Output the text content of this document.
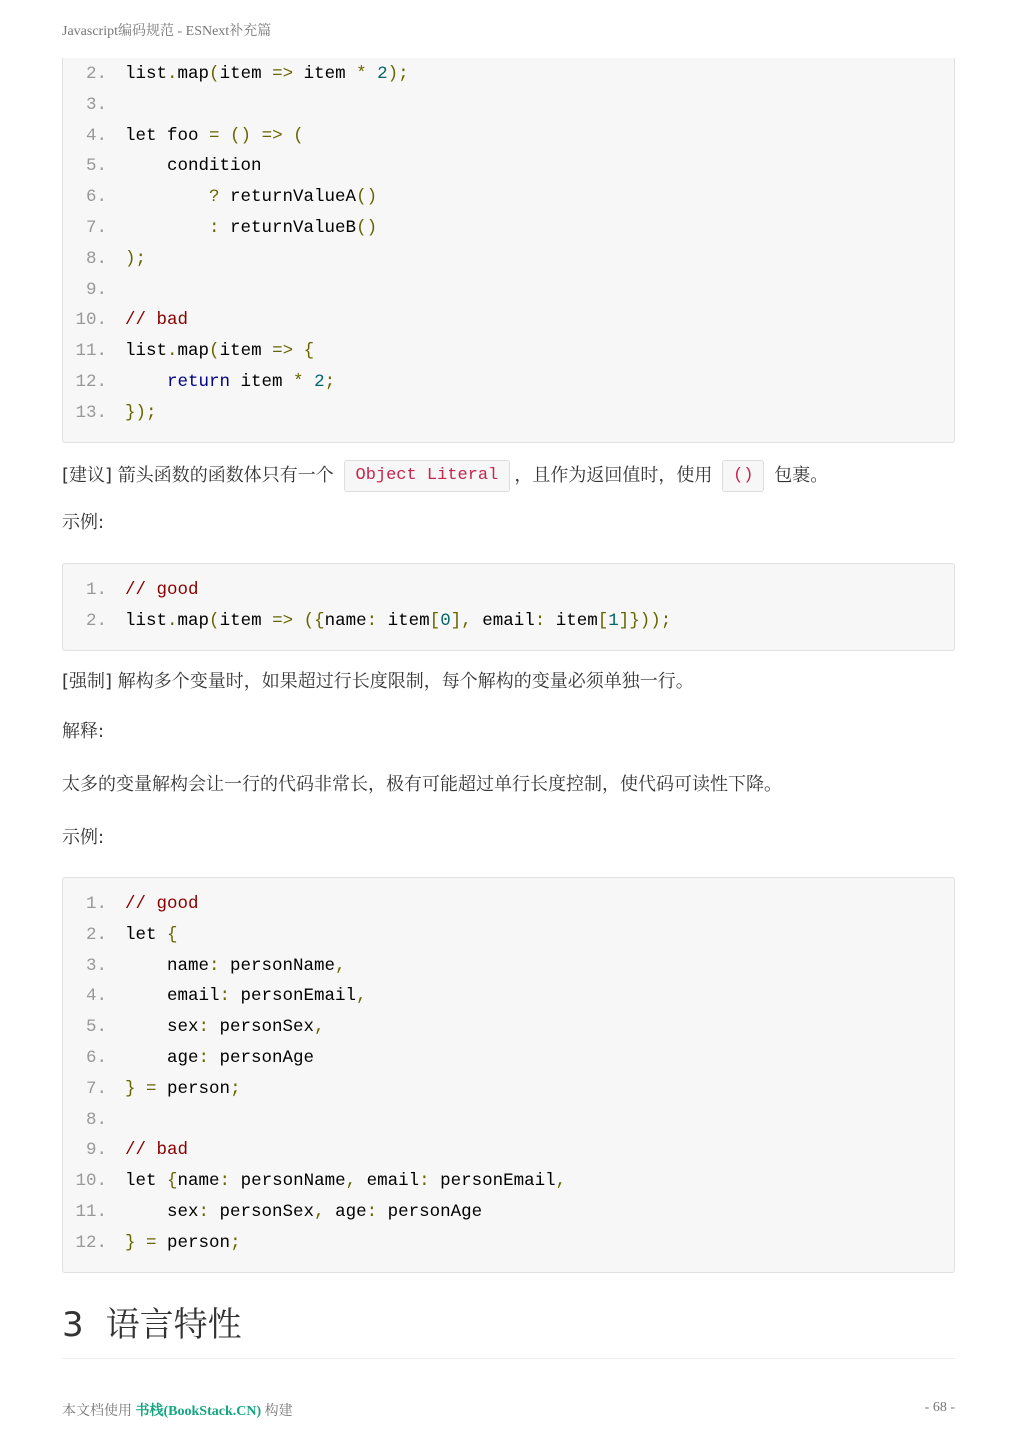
Javascript编码规范 - ESNext补充篇
2. list.map(item => item * 2);
3.
4. let foo = () => (
5. condition
6.	? returnValueA()
7.	: returnValueB()
8. );
9.
10. // bad
11. list.map(item => {
12.	return item * 2;
13. });
[建议] 箭头函数的函数体只有一个 Object Literal ，且作为返回值时，使用 () 包裹。
示例:
1. // good
2. list.map(item => ({name: item[0], email: item[1]}));
[强制] 解构多个变量时，如果超过行长度限制，每个解构的变量必须单独一行。
解释:
太多的变量解构会让一行的代码非常长，极有可能超过单行长度控制，使代码可读性下降。
示例:
1. // good
2. let {
3. name: personName,
4. email: personEmail,
5. sex: personSex,
6. age: personAge
7. } = person;
8.
9. // bad
10. let {name: personName, email: personEmail,
11. sex: personSex, age: personAge
12. } = person;
3 语言特性
本文档使用 书栈(BookStack.CN) 构建	- 68 -
